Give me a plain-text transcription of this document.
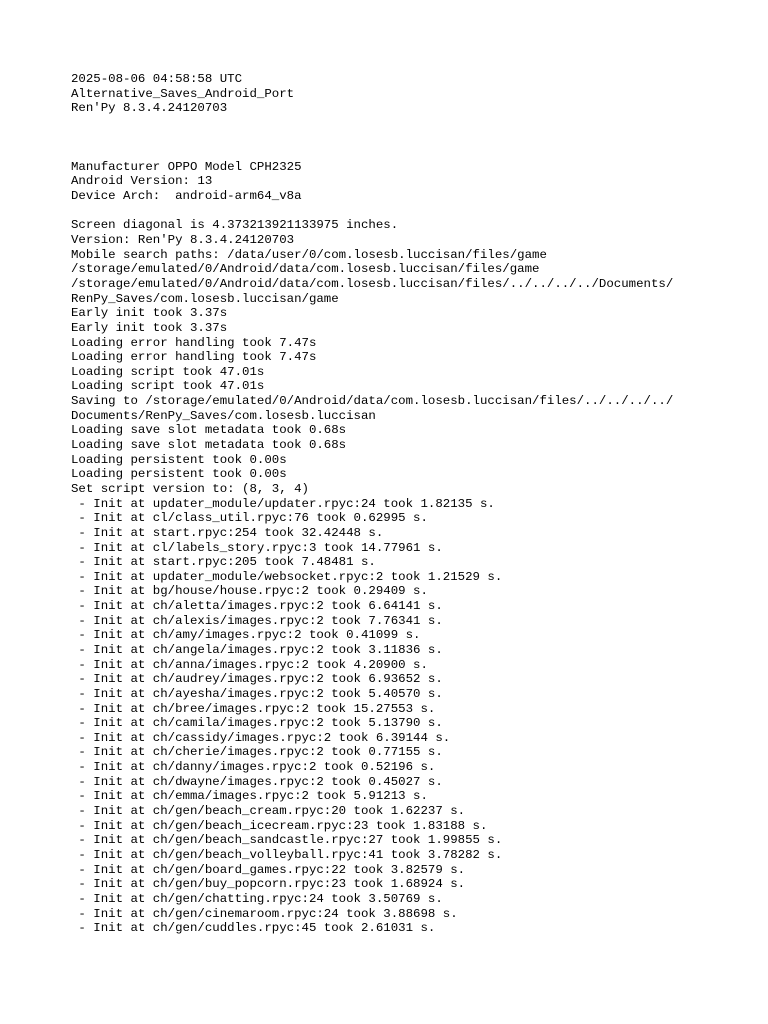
2025-08-06 04:58:58 UTC
Alternative_Saves_Android_Port
Ren'Py 8.3.4.24120703
Manufacturer OPPO Model CPH2325
Android Version: 13
Device Arch:  android-arm64_v8a
Screen diagonal is 4.373213921133975 inches.
Version: Ren'Py 8.3.4.24120703
Mobile search paths: /data/user/0/com.losesb.luccisan/files/game
/storage/emulated/0/Android/data/com.losesb.luccisan/files/game
/storage/emulated/0/Android/data/com.losesb.luccisan/files/../../../../Documents/
RenPy_Saves/com.losesb.luccisan/game
Early init took 3.37s
Early init took 3.37s
Loading error handling took 7.47s
Loading error handling took 7.47s
Loading script took 47.01s
Loading script took 47.01s
Saving to /storage/emulated/0/Android/data/com.losesb.luccisan/files/../../../../
Documents/RenPy_Saves/com.losesb.luccisan
Loading save slot metadata took 0.68s
Loading save slot metadata took 0.68s
Loading persistent took 0.00s
Loading persistent took 0.00s
Set script version to: (8, 3, 4)
- Init at updater_module/updater.rpyc:24 took 1.82135 s.
- Init at cl/class_util.rpyc:76 took 0.62995 s.
- Init at start.rpyc:254 took 32.42448 s.
- Init at cl/labels_story.rpyc:3 took 14.77961 s.
- Init at start.rpyc:205 took 7.48481 s.
- Init at updater_module/websocket.rpyc:2 took 1.21529 s.
- Init at bg/house/house.rpyc:2 took 0.29409 s.
- Init at ch/aletta/images.rpyc:2 took 6.64141 s.
- Init at ch/alexis/images.rpyc:2 took 7.76341 s.
- Init at ch/amy/images.rpyc:2 took 0.41099 s.
- Init at ch/angela/images.rpyc:2 took 3.11836 s.
- Init at ch/anna/images.rpyc:2 took 4.20900 s.
- Init at ch/audrey/images.rpyc:2 took 6.93652 s.
- Init at ch/ayesha/images.rpyc:2 took 5.40570 s.
- Init at ch/bree/images.rpyc:2 took 15.27553 s.
- Init at ch/camila/images.rpyc:2 took 5.13790 s.
- Init at ch/cassidy/images.rpyc:2 took 6.39144 s.
- Init at ch/cherie/images.rpyc:2 took 0.77155 s.
- Init at ch/danny/images.rpyc:2 took 0.52196 s.
- Init at ch/dwayne/images.rpyc:2 took 0.45027 s.
- Init at ch/emma/images.rpyc:2 took 5.91213 s.
- Init at ch/gen/beach_cream.rpyc:20 took 1.62237 s.
- Init at ch/gen/beach_icecream.rpyc:23 took 1.83188 s.
- Init at ch/gen/beach_sandcastle.rpyc:27 took 1.99855 s.
- Init at ch/gen/beach_volleyball.rpyc:41 took 3.78282 s.
- Init at ch/gen/board_games.rpyc:22 took 3.82579 s.
- Init at ch/gen/buy_popcorn.rpyc:23 took 1.68924 s.
- Init at ch/gen/chatting.rpyc:24 took 3.50769 s.
- Init at ch/gen/cinemaroom.rpyc:24 took 3.88698 s.
- Init at ch/gen/cuddles.rpyc:45 took 2.61031 s.
